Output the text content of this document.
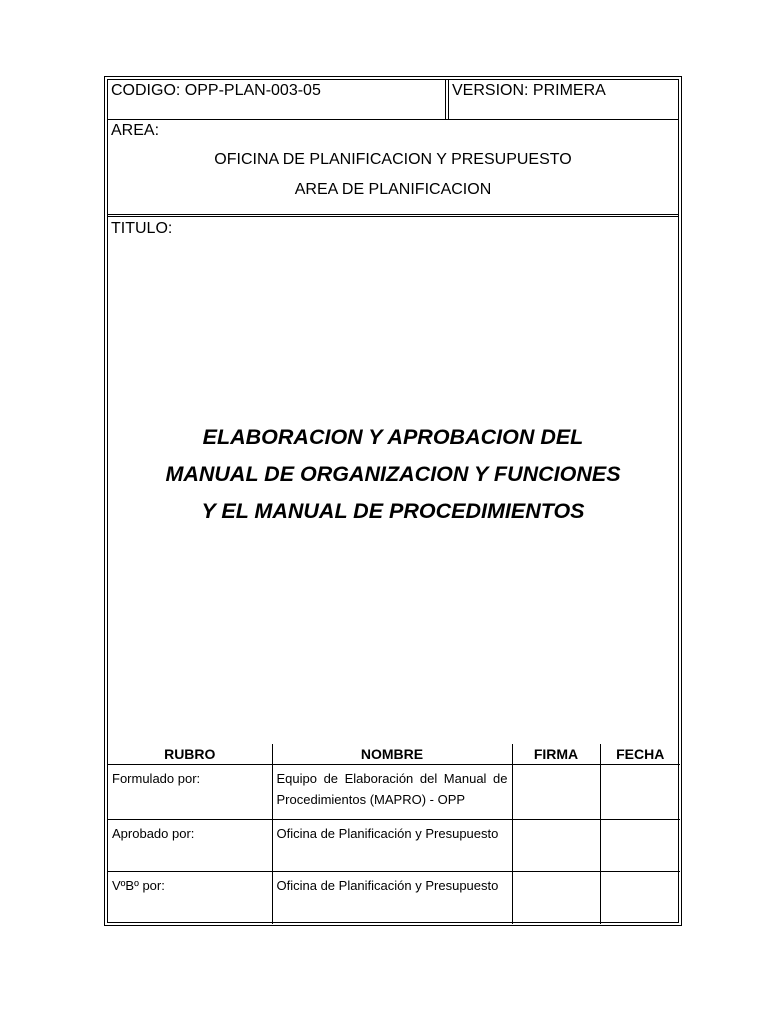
CODIGO: OPP-PLAN-003-05	VERSION: PRIMERA
AREA:
OFICINA DE PLANIFICACION Y PRESUPUESTO
AREA DE PLANIFICACION
TITULO:
ELABORACION Y APROBACION DEL
MANUAL DE ORGANIZACION Y FUNCIONES
Y EL MANUAL DE PROCEDIMIENTOS
RUBRO	NOMBRE	FIRMA	FECHA
Formulado por:	Equipo de Elaboración del Manual de Procedimientos (MAPRO) - OPP		
Aprobado por:	Oficina de Planificación y Presupuesto		
VºBº por:	Oficina de Planificación y Presupuesto		
